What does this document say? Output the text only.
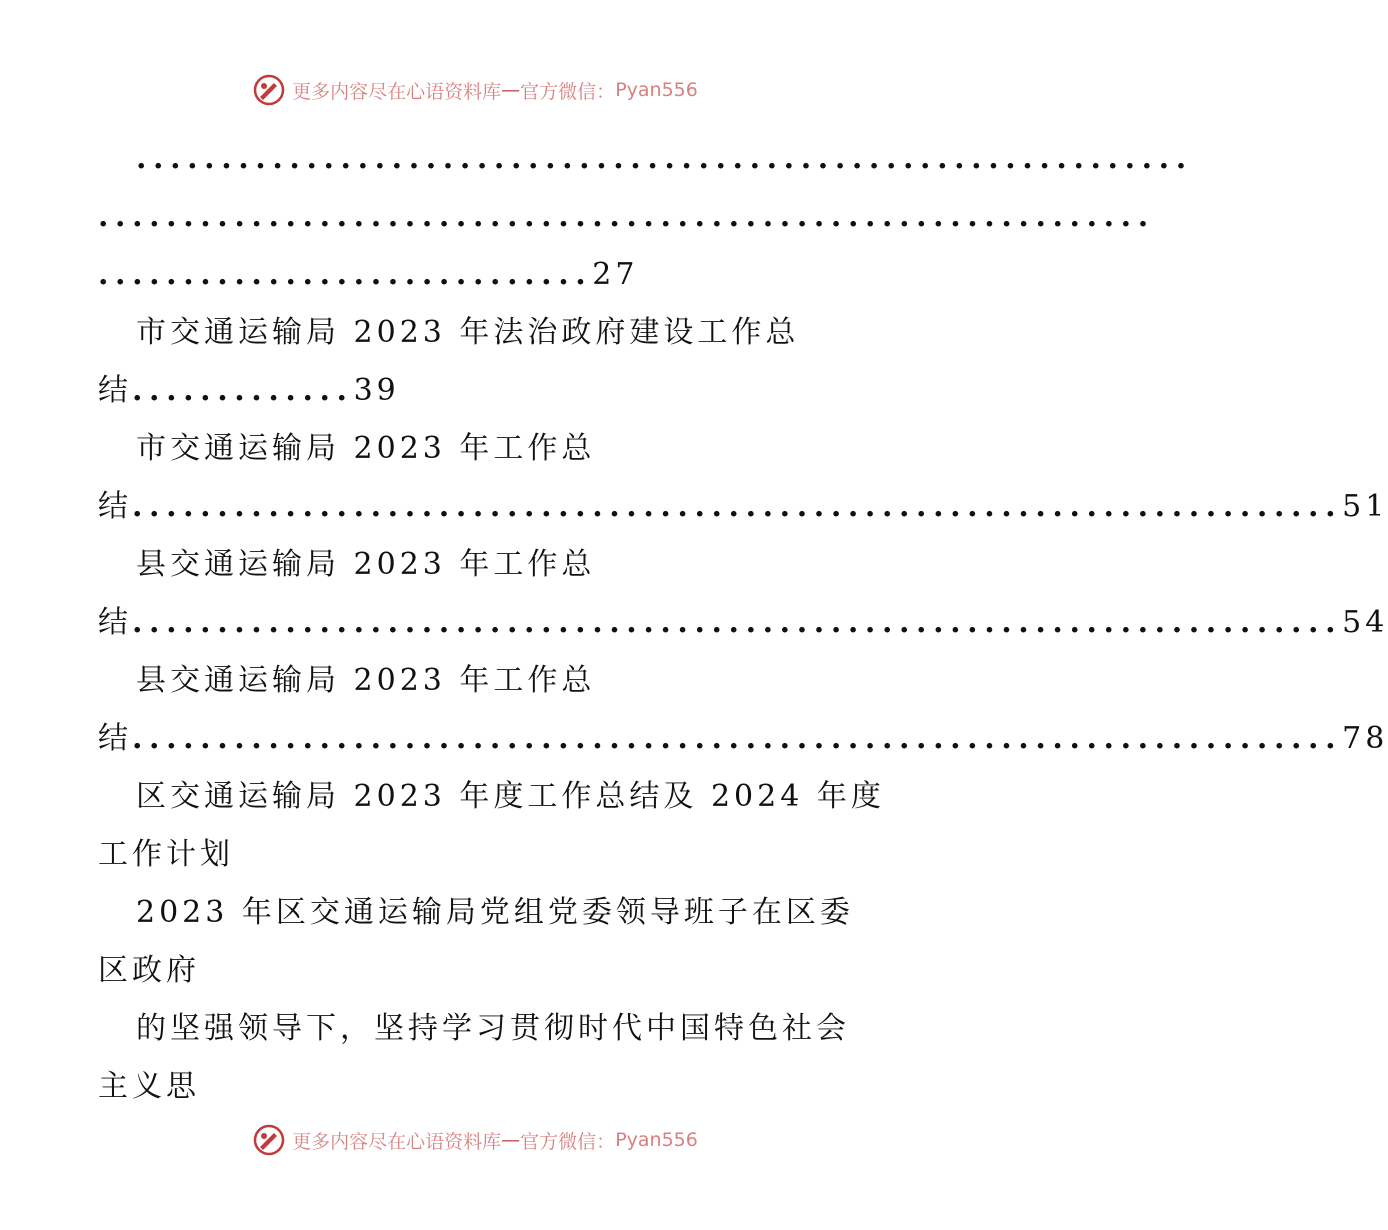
更多内容尽在心语资料库 — 官方微信： Pyan556
..............................................................
..............................................................
.............................27
市交通运输局 2023 年法治政府建设工作总
结.............39
市交通运输局 2023 年工作总
结 ....................................................................... 51
县交通运输局 2023 年工作总
结 ....................................................................... 54
县交通运输局 2023 年工作总
结 ....................................................................... 78
区交通运输局 2023 年度工作总结及 2024 年度
工作计划
2023 年区交通运输局党组党委领导班子在区委
区政府
的坚强领导下，坚持学习贯彻时代中国特色社会
主义思
更多内容尽在心语资料库 — 官方微信： Pyan556
